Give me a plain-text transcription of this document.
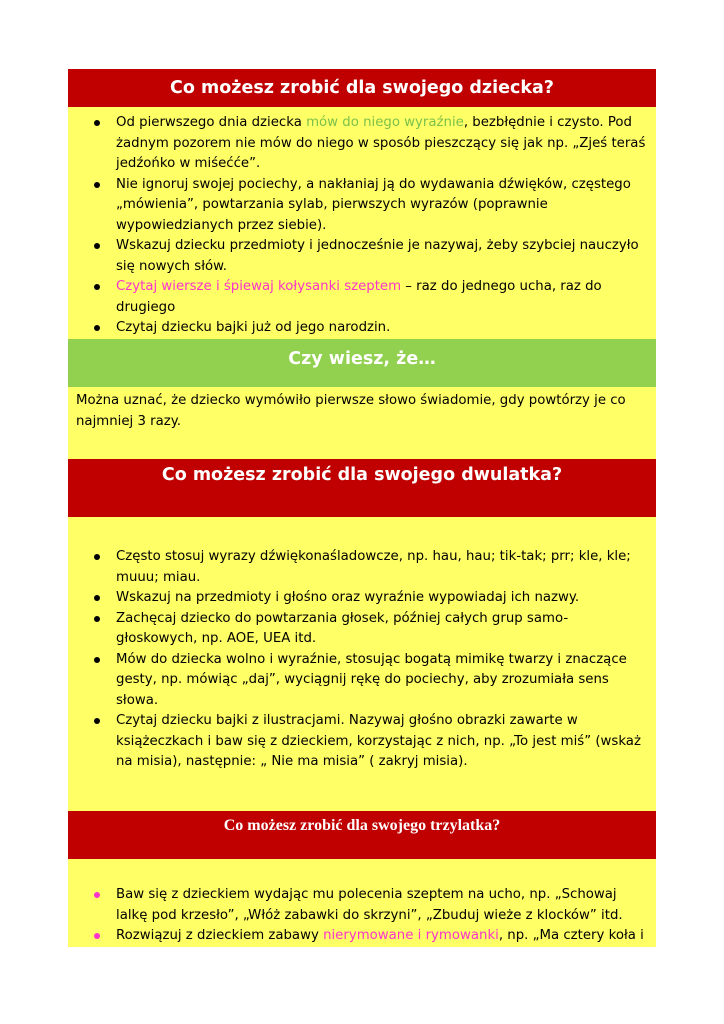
Co możesz zrobić dla swojego dziecka?
Od pierwszego dnia dziecka mów do niego wyraźnie, bezbłędnie i czysto. Pod żadnym pozorem nie mów do niego w sposób pieszczący się jak np. „Zjeś teraś jedźońko w miśećće”.
Nie ignoruj swojej pociechy, a nakłaniaj ją do wydawania dźwięków, częstego „mówienia”, powtarzania sylab, pierwszych wyrazów (poprawnie wypowiedzianych przez siebie).
Wskazuj dziecku przedmioty i jednocześnie je nazywaj, żeby szybciej nauczyło się nowych słów.
Czytaj wiersze i śpiewaj kołysanki szeptem – raz do jednego ucha, raz do drugiego
Czytaj dziecku bajki już od jego narodzin.
Czy wiesz, że…
Można uznać, że dziecko wymówiło pierwsze słowo świadomie, gdy powtórzy je co najmniej 3 razy.
Co możesz zrobić dla swojego dwulatka?
Często stosuj wyrazy dźwiękonaśladowcze, np. hau, hau; tik-tak; prr; kle, kle; muuu; miau.
Wskazuj na przedmioty i głośno oraz wyraźnie wypowiadaj ich nazwy.
Zachęcaj dziecko do powtarzania głosek, później całych grup samo-głoskowych, np. AOE, UEA itd.
Mów do dziecka wolno i wyraźnie, stosując bogatą mimikę twarzy i znaczące gesty, np. mówiąc „daj”, wyciągnij rękę do pociechy, aby zrozumiała sens słowa.
Czytaj dziecku bajki z ilustracjami. Nazywaj głośno obrazki zawarte w książeczkach i baw się z dzieckiem, korzystając z nich, np. „To jest miś” (wskaż na misia), następnie: „ Nie ma misia” ( zakryj misia).
Co możesz zrobić dla swojego trzylatka?
Baw się z dzieckiem wydając mu polecenia szeptem na ucho, np. „Schowaj lalkę pod krzesło”, „Włóż zabawki do skrzyni”, „Zbuduj wieże z klocków” itd.
Rozwiązuj z dzieckiem zabawy nierymowane i rymowanki, np. „Ma cztery koła i
